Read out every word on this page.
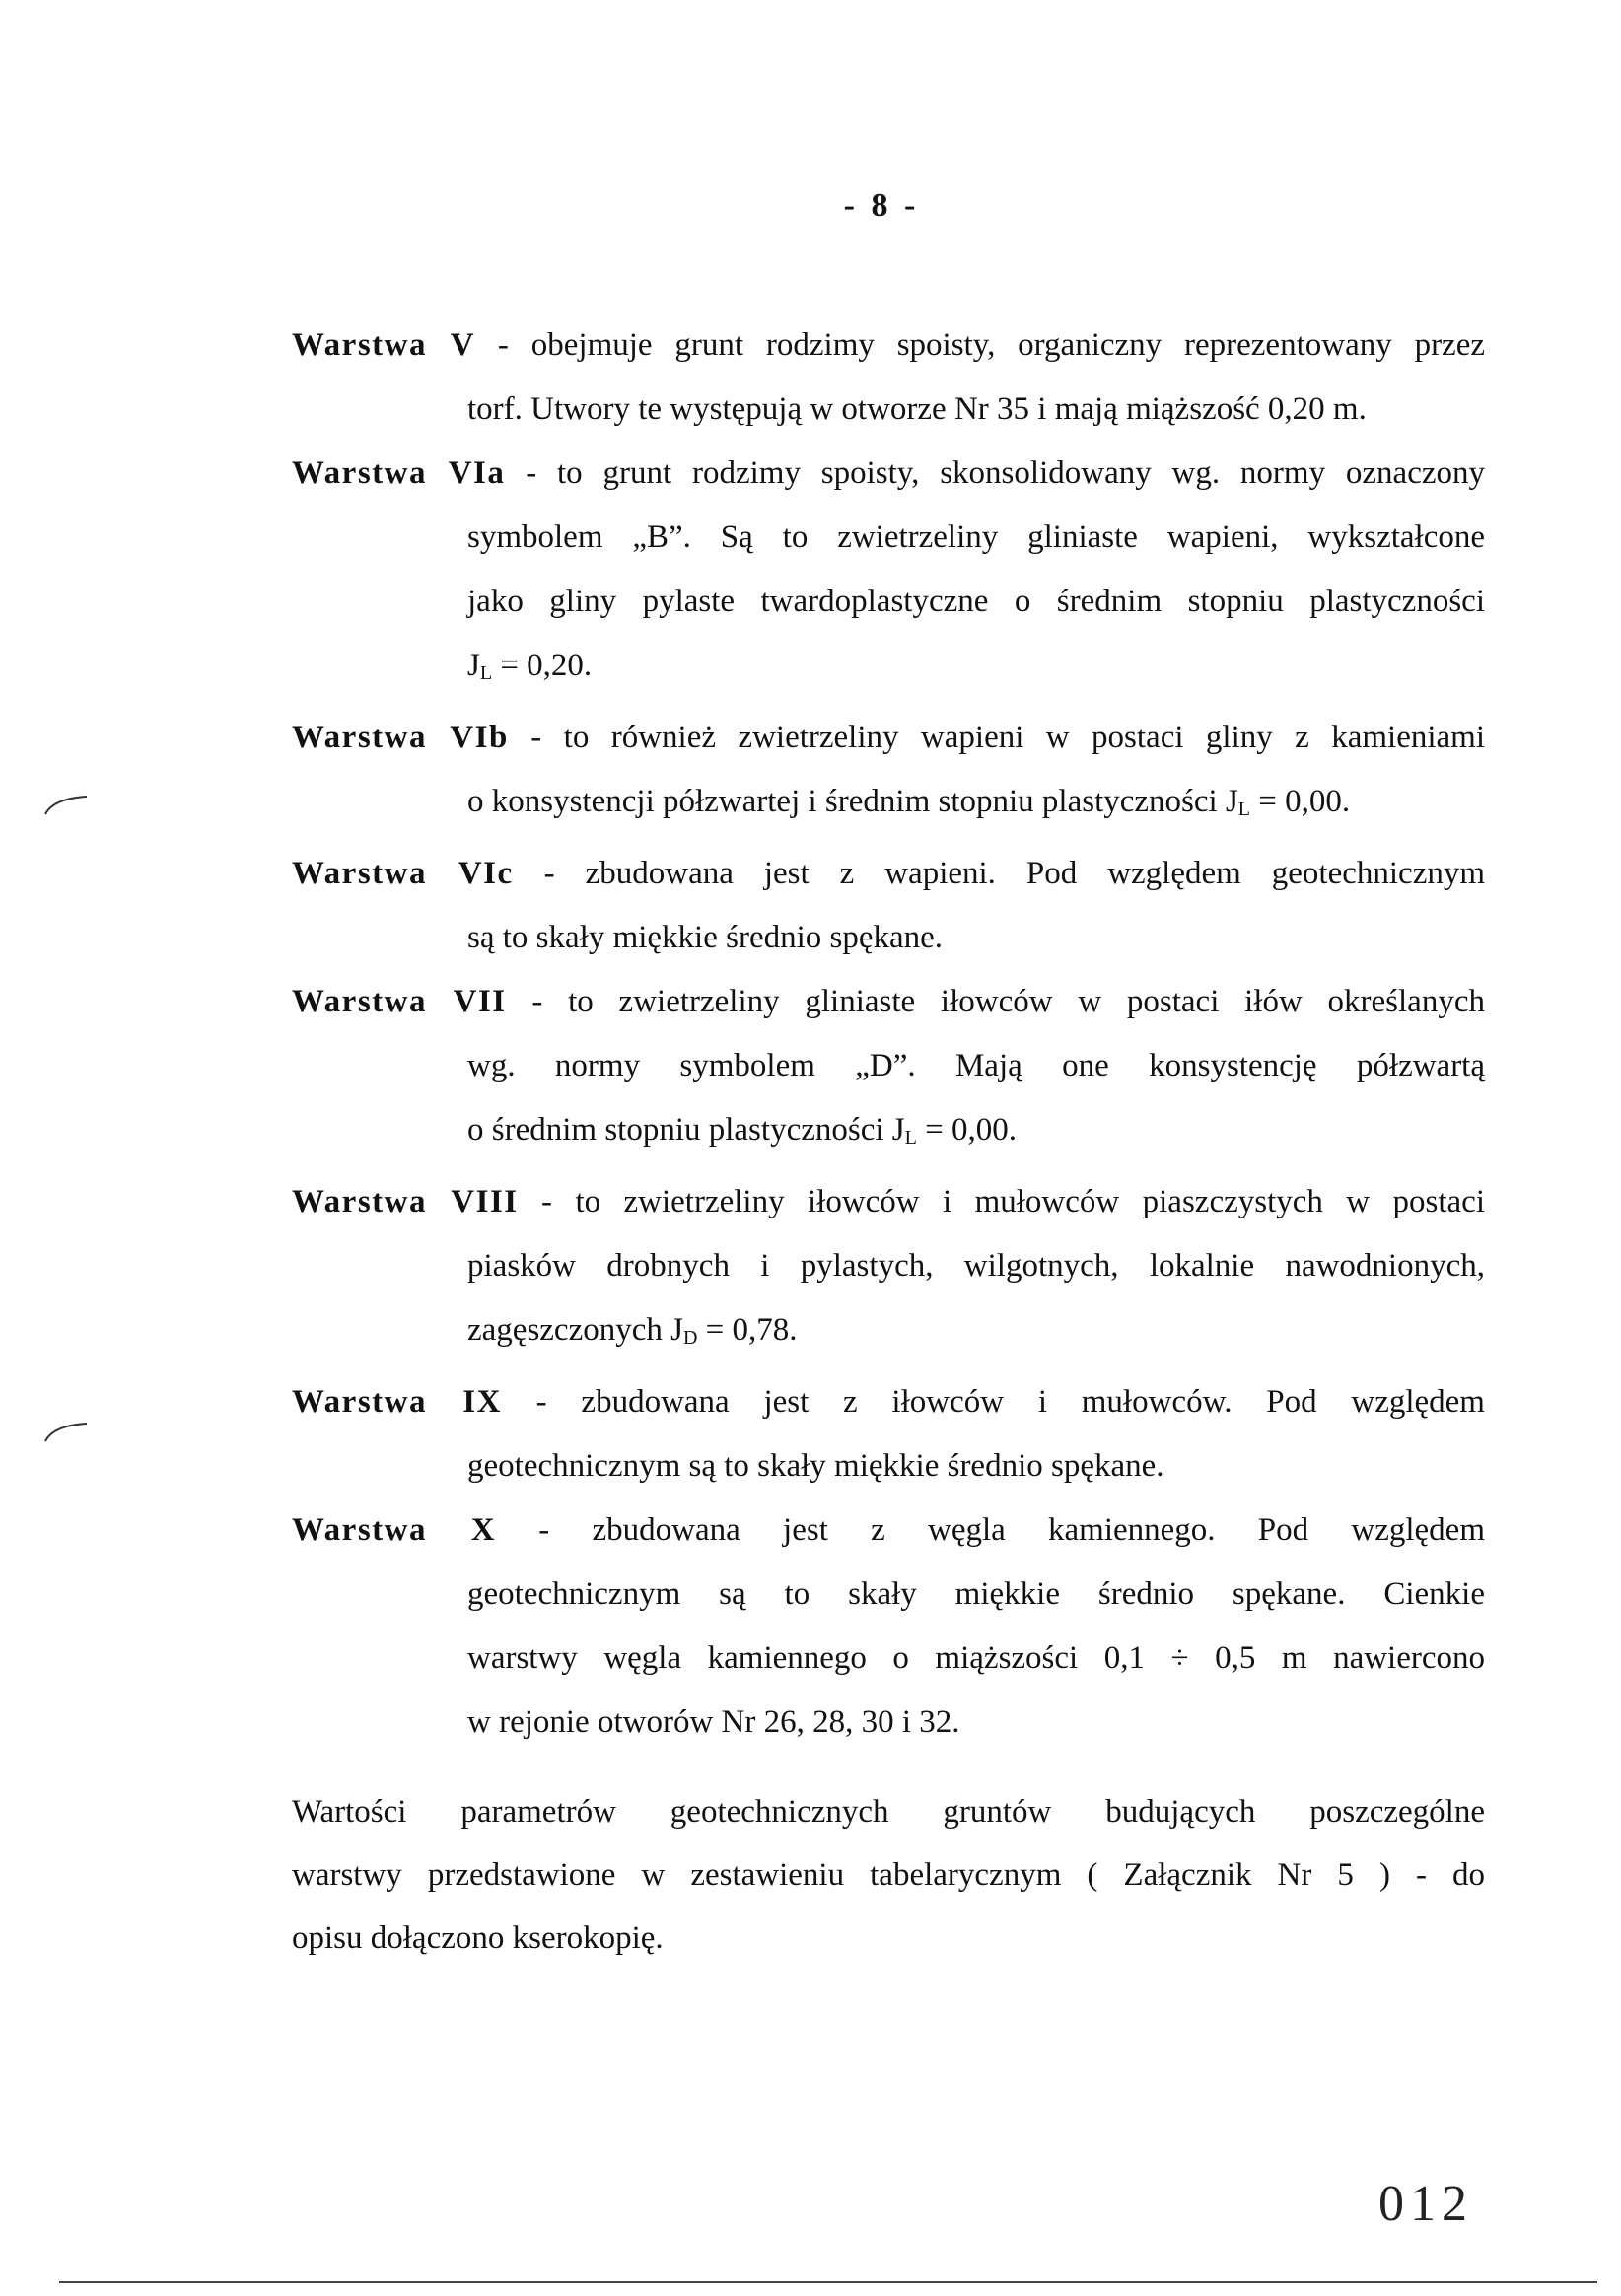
- 8 -
Warstwa V - obejmuje grunt rodzimy spoisty, organiczny reprezentowany przez
torf. Utwory te występują w otworze Nr 35 i mają miąższość 0,20 m.
Warstwa VIa - to grunt rodzimy spoisty, skonsolidowany wg. normy oznaczony
symbolem „B”. Są to zwietrzeliny gliniaste wapieni, wykształcone
jako gliny pylaste twardoplastyczne o średnim stopniu plastyczności
$J_L = 0,20$.
Warstwa VIb - to również zwietrzeliny wapieni w postaci gliny z kamieniami
o konsystencji półzwartej i średnim stopniu plastyczności $J_L = 0,00$.
Warstwa VIc - zbudowana jest z wapieni. Pod względem geotechnicznym
są to skały miękkie średnio spękane.
Warstwa VII - to zwietrzeliny gliniaste iłowców w postaci iłów określanych
wg. normy symbolem „D”. Mają one konsystencję półzwartą
o średnim stopniu plastyczności $J_L = 0,00$.
Warstwa VIII - to zwietrzeliny iłowców i mułowców piaszczystych w postaci
piasków drobnych i pylastych, wilgotnych, lokalnie nawodnionych,
zagęszczonych $J_D = 0,78$.
Warstwa IX - zbudowana jest z iłowców i mułowców. Pod względem
geotechnicznym są to skały miękkie średnio spękane.
Warstwa X - zbudowana jest z węgla kamiennego. Pod względem
geotechnicznym są to skały miękkie średnio spękane. Cienkie
warstwy węgla kamiennego o miąższości 0,1 ÷ 0,5 m nawiercono
w rejonie otworów Nr 26, 28, 30 i 32.
Wartości parametrów geotechnicznych gruntów budujących poszczególne
warstwy przedstawione w zestawieniu tabelarycznym ( Załącznik Nr 5 ) - do
opisu dołączono kserokopię.
012
